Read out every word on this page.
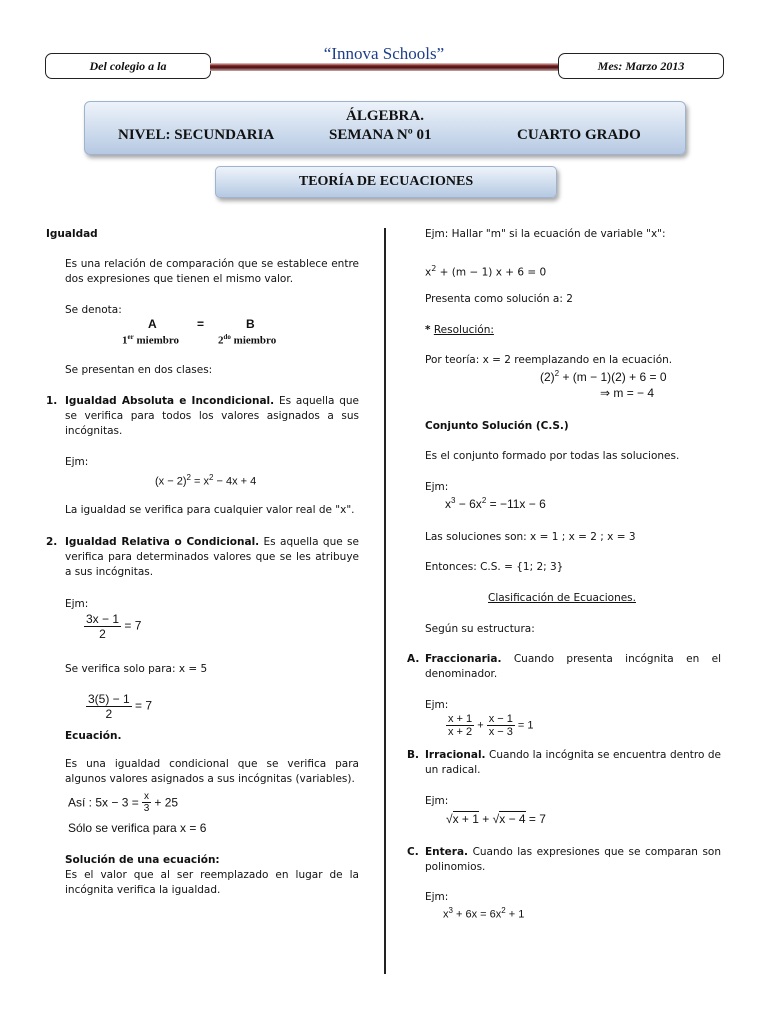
“Innova Schools”
Del colegio a la	Mes: Marzo 2013
ÁLGEBRA.
NIVEL: SECUNDARIA	SEMANA Nº 01	CUARTO GRADO
TEORÍA DE ECUACIONES
Igualdad
Es una relación de comparación que se establece entre dos expresiones que tienen el mismo valor.
Se denota:
A	=	B
1er miembro	$2^{do}$ miembro
Se presentan en dos clases:
1. Igualdad Absoluta e Incondicional. Es aquella que se verifica para todos los valores asignados a sus incógnitas.
Ejm:
$(x - 2)^2 = x^2 - 4x + 4$
La igualdad se verifica para cualquier valor real de "x".
2. Igualdad Relativa o Condicional. Es aquella que se verifica para determinados valores que se les atribuye a sus incógnitas.
Ejm:
$\frac{3x - 1}{2} = 7$
Se verifica solo para: x = 5
$\frac{3(5) - 1}{2} = 7$
Ecuación.
Es una igualdad condicional que se verifica para algunos valores asignados a sus incógnitas (variables).
Así : $5x - 3 = \frac{x}{3} + 25$
Sólo se verifica para x = 6
Solución de una ecuación:
Es el valor que al ser reemplazado en lugar de la incógnita verifica la igualdad.
Ejm: Hallar "m" si la ecuación de variable "x":
$x^2 + (m - 1) x + 6 = 0$
Presenta como solución a: 2
* Resolución:
Por teoría: x = 2 reemplazando en la ecuación.
$(2)^2 + (m - 1)(2) + 6 = 0$
⇒ m = − 4
Conjunto Solución (C.S.)
Es el conjunto formado por todas las soluciones.
Ejm:
$x^3 - 6x^2 = -11x - 6$
Las soluciones son: x = 1 ; x = 2 ; x = 3
Entonces: C.S. = {1; 2; 3}
Clasificación de Ecuaciones.
Según su estructura:
A. Fraccionaria. Cuando presenta incógnita en el denominador.
Ejm:
$\frac{x + 1}{x + 2} + \frac{x - 1}{x - 3} = 1$
B. Irracional. Cuando la incógnita se encuentra dentro de un radical.
Ejm:
√x + 1 + √x − 4 = 7
C. Entera. Cuando las expresiones que se comparan son polinomios.
Ejm:
$x^3 + 6x = 6x^2 + 1$
